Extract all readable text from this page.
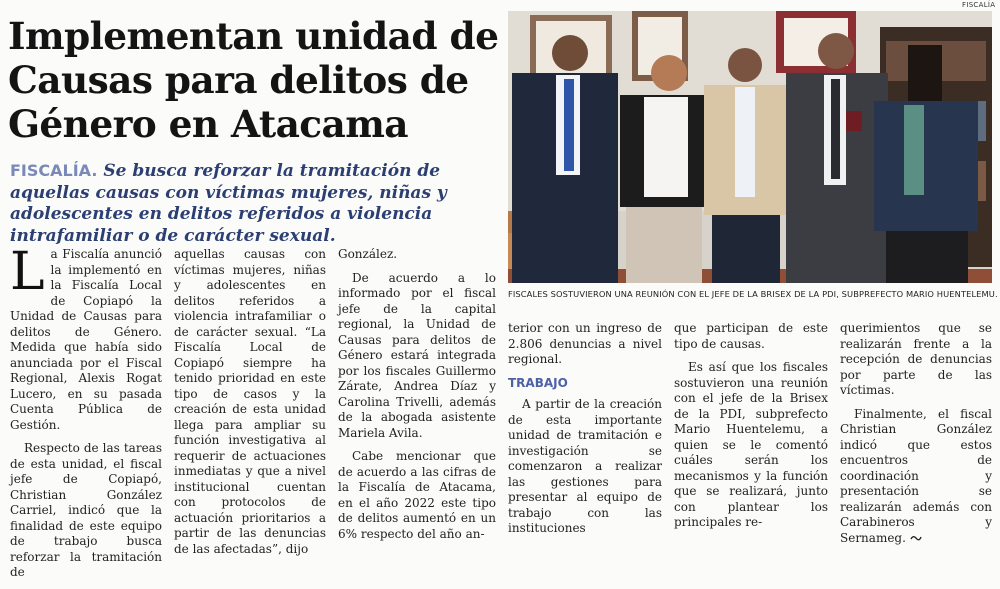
Implementan unidad de Causas para delitos de Género en Atacama

FISCALÍA. Se busca reforzar la tramitación de aquellas causas con víctimas mujeres, niñas y adolescentes en delitos referidos a violencia intrafamiliar o de carácter sexual.

La Fiscalía anunció la implementó en la Fiscalía Local de Copiapó la Unidad de Causas para delitos de Género. Medida que había sido anunciada por el Fiscal Regional, Alexis Rogat Lucero, en su pasada Cuenta Pública de Gestión.

Respecto de las tareas de esta unidad, el fiscal jefe de Copiapó, Christian González Carriel, indicó que la finalidad de este equipo de trabajo busca reforzar la tramitación de

aquellas causas con víctimas mujeres, niñas y adolescentes en delitos referidos a violencia intrafamiliar o de carácter sexual. “La Fiscalía Local de Copiapó siempre ha tenido prioridad en este tipo de casos y la creación de esta unidad llega para ampliar su función investigativa al requerir de actuaciones inmediatas y que a nivel institucional cuentan con protocolos de actuación prioritarios a partir de las denuncias de las afectadas”, dijo

González.

De acuerdo a lo informado por el fiscal jefe de la capital regional, la Unidad de Causas para delitos de Género estará integrada por los fiscales Guillermo Zárate, Andrea Díaz y Carolina Trivelli, además de la abogada asistente Mariela Avila.

Cabe mencionar que de acuerdo a las cifras de la Fiscalía de Atacama, en el año 2022 este tipo de delitos aumentó en un 6% respecto del año an-

FISCALÍA
FISCALES SOSTUVIERON UNA REUNIÓN CON EL JEFE DE LA BRISEX DE LA PDI, SUBPREFECTO MARIO HUENTELEMU.

terior con un ingreso de 2.806 denuncias a nivel regional.

TRABAJO

A partir de la creación de esta importante unidad de tramitación e investigación se comenzaron a realizar las gestiones para presentar al equipo de trabajo con las instituciones

que participan de este tipo de causas.

Es así que los fiscales sostuvieron una reunión con el jefe de la Brisex de la PDI, subprefecto Mario Huentelemu, a quien se le comentó cuáles serán los mecanismos y la función que se realizará, junto con plantear los principales re-

querimientos que se realizarán frente a la recepción de denuncias por parte de las víctimas.

Finalmente, el fiscal Christian González indicó que estos encuentros de coordinación y presentación se realizarán además con Carabineros y Sernameg.
